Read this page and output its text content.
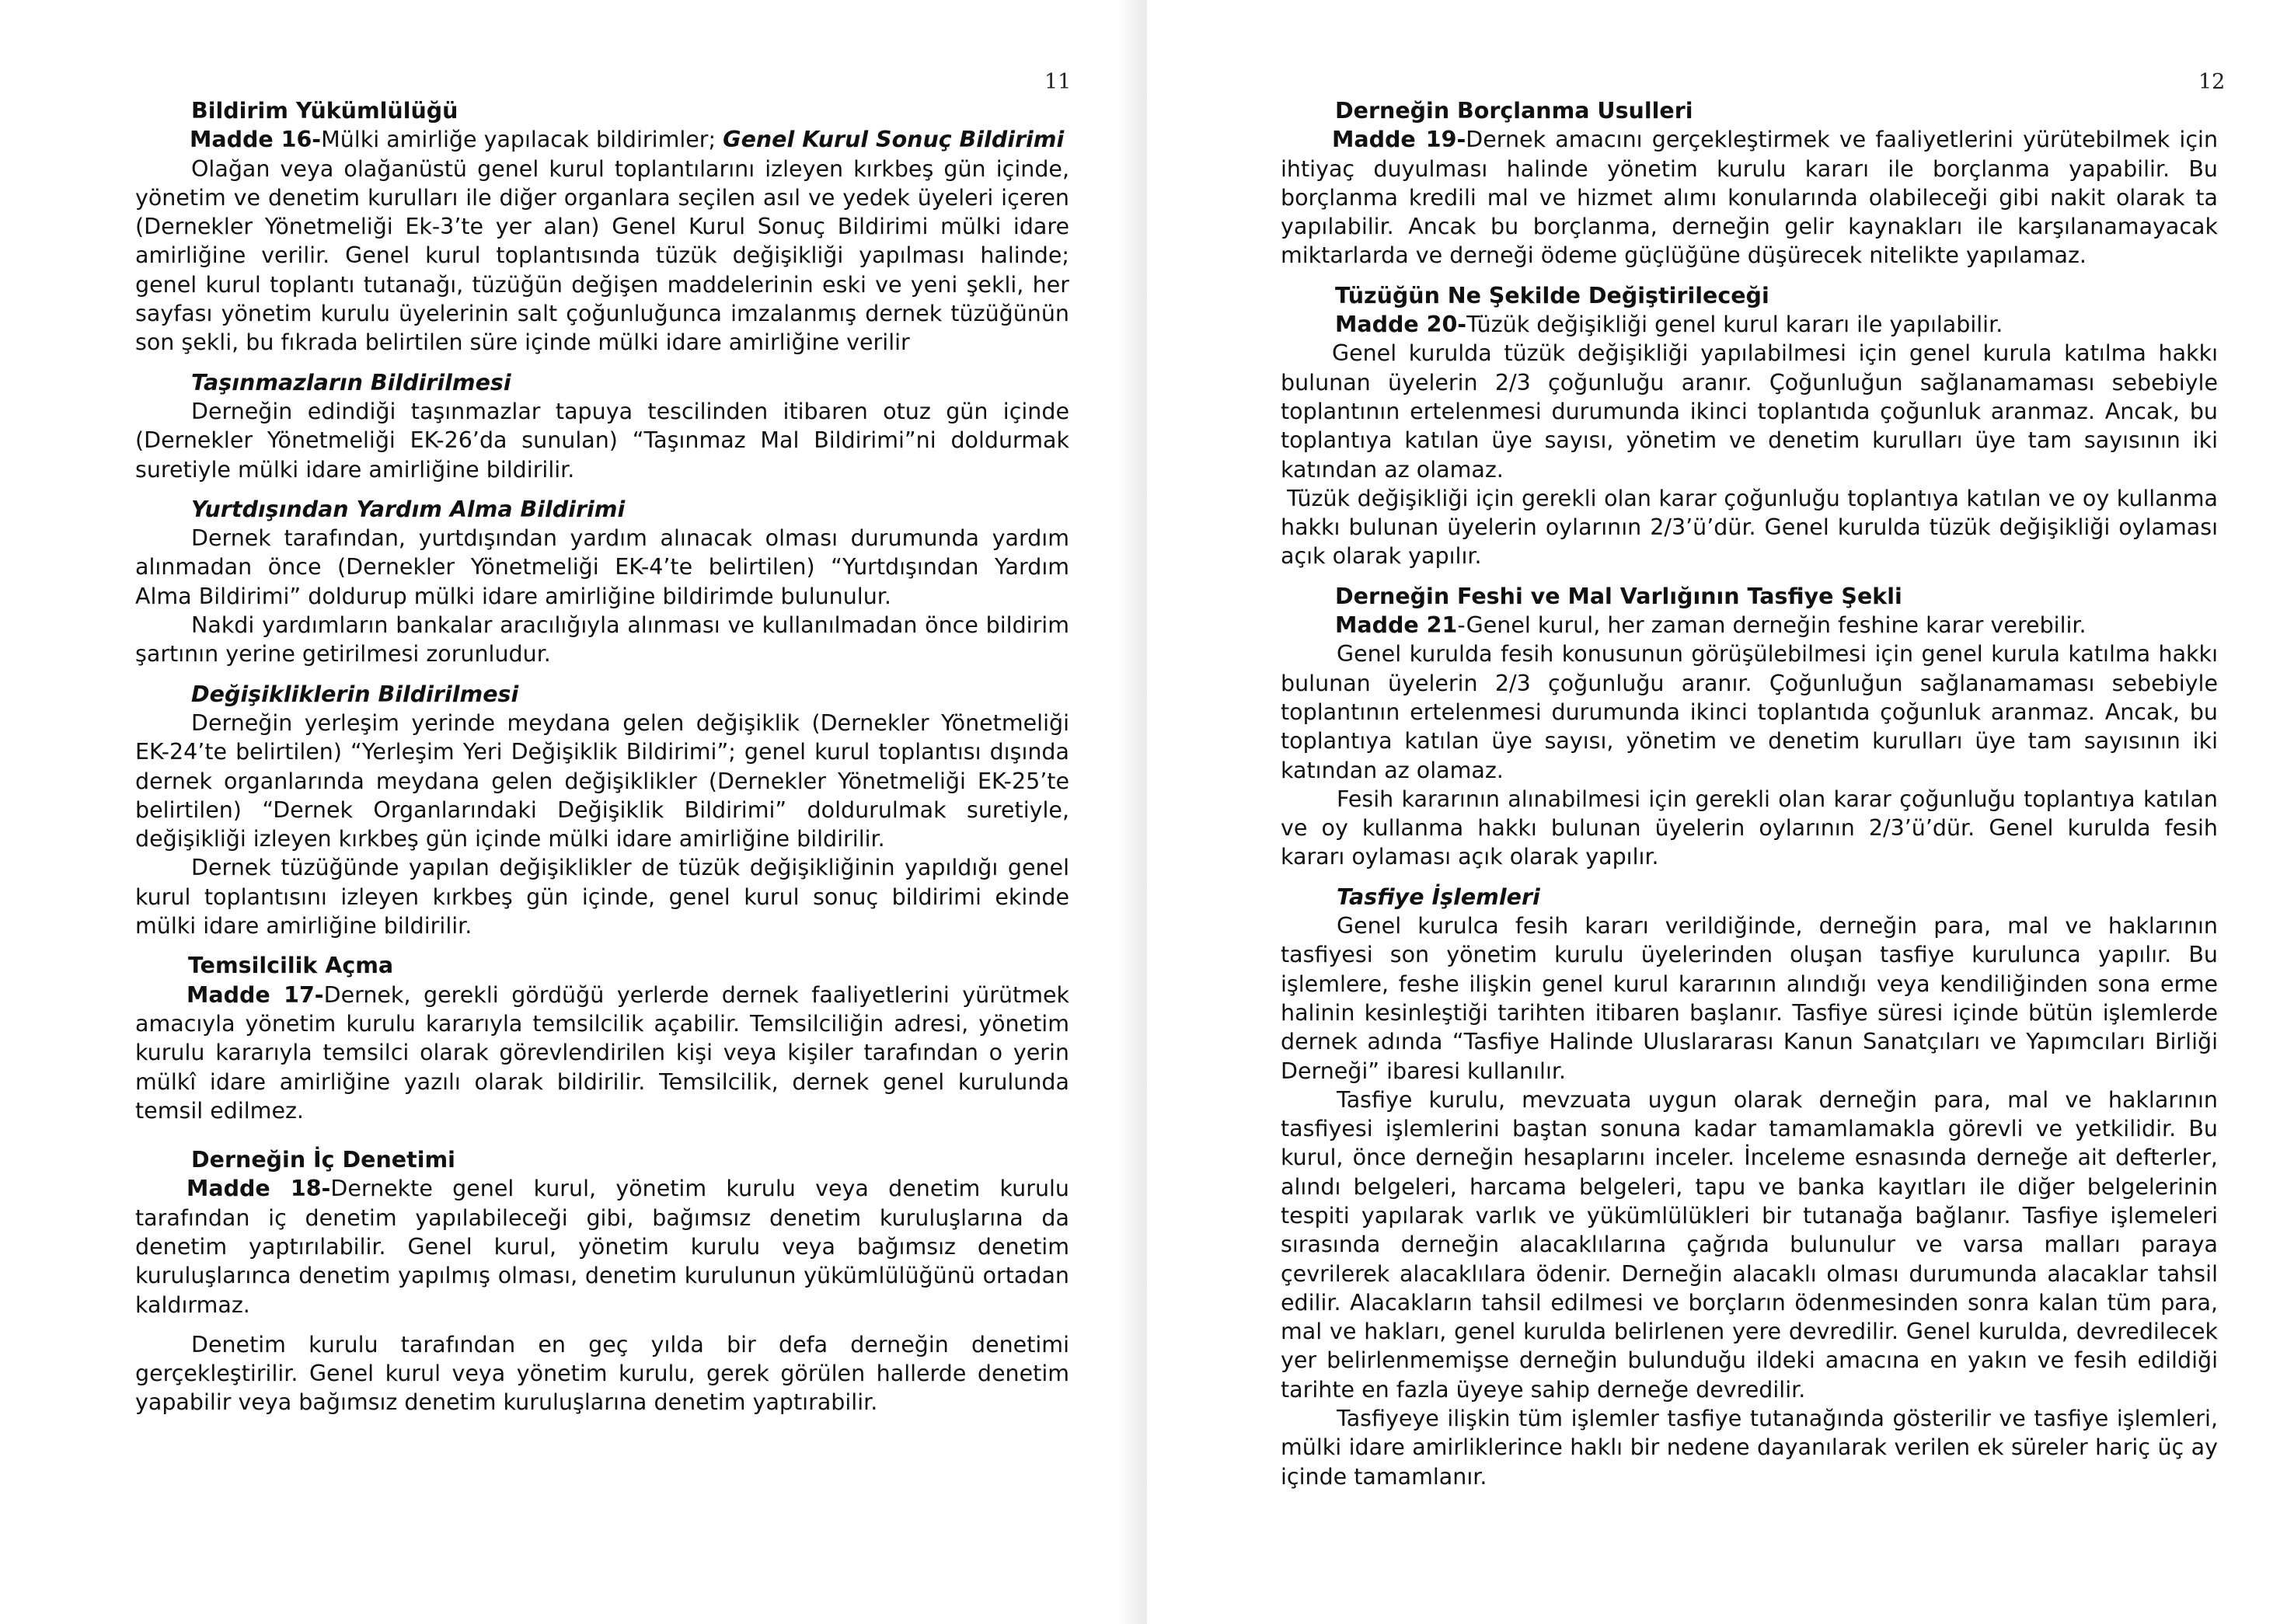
11

Bildirim Yükümlülüğü

Madde 16-Mülki amirliğe yapılacak bildirimler; Genel Kurul Sonuç Bildirimi

Olağan veya olağanüstü genel kurul toplantılarını izleyen kırkbeş gün içinde, yönetim ve denetim kurulları ile diğer organlara seçilen asıl ve yedek üyeleri içeren (Dernekler Yönetmeliği Ek-3’te yer alan) Genel Kurul Sonuç Bildirimi mülki idare amirliğine verilir. Genel kurul toplantısında tüzük değişikliği yapılması halinde; genel kurul toplantı tutanağı, tüzüğün değişen maddelerinin eski ve yeni şekli, her sayfası yönetim kurulu üyelerinin salt çoğunluğunca imzalanmış dernek tüzüğünün son şekli, bu fıkrada belirtilen süre içinde mülki idare amirliğine verilir

Taşınmazların Bildirilmesi

Derneğin edindiği taşınmazlar tapuya tescilinden itibaren otuz gün içinde (Dernekler Yönetmeliği EK-26’da sunulan) “Taşınmaz Mal Bildirimi”ni doldurmak suretiyle mülki idare amirliğine bildirilir.

Yurtdışından Yardım Alma Bildirimi

Dernek tarafından, yurtdışından yardım alınacak olması durumunda yardım alınmadan önce (Dernekler Yönetmeliği EK-4’te belirtilen) “Yurtdışından Yardım Alma Bildirimi” doldurup mülki idare amirliğine bildirimde bulunulur.

Nakdi yardımların bankalar aracılığıyla alınması ve kullanılmadan önce bildirim şartının yerine getirilmesi zorunludur.

Değişikliklerin Bildirilmesi

Derneğin yerleşim yerinde meydana gelen değişiklik (Dernekler Yönetmeliği EK-24’te belirtilen) “Yerleşim Yeri Değişiklik Bildirimi”; genel kurul toplantısı dışında dernek organlarında meydana gelen değişiklikler (Dernekler Yönetmeliği EK-25’te belirtilen) “Dernek Organlarındaki Değişiklik Bildirimi” doldurulmak suretiyle, değişikliği izleyen kırkbeş gün içinde mülki idare amirliğine bildirilir.

Dernek tüzüğünde yapılan değişiklikler de tüzük değişikliğinin yapıldığı genel kurul toplantısını izleyen kırkbeş gün içinde, genel kurul sonuç bildirimi ekinde mülki idare amirliğine bildirilir.

Temsilcilik Açma

Madde 17-Dernek, gerekli gördüğü yerlerde dernek faaliyetlerini yürütmek amacıyla yönetim kurulu kararıyla temsilcilik açabilir. Temsilciliğin adresi, yönetim kurulu kararıyla temsilci olarak görevlendirilen kişi veya kişiler tarafından o yerin mülkî idare amirliğine yazılı olarak bildirilir. Temsilcilik, dernek genel kurulunda temsil edilmez.

Derneğin İç Denetimi

Madde 18-Dernekte genel kurul, yönetim kurulu veya denetim kurulu tarafından iç denetim yapılabileceği gibi, bağımsız denetim kuruluşlarına da denetim yaptırılabilir. Genel kurul, yönetim kurulu veya bağımsız denetim kuruluşlarınca denetim yapılmış olması, denetim kurulunun yükümlülüğünü ortadan kaldırmaz.

Denetim kurulu tarafından en geç yılda bir defa derneğin denetimi gerçekleştirilir. Genel kurul veya yönetim kurulu, gerek görülen hallerde denetim yapabilir veya bağımsız denetim kuruluşlarına denetim yaptırabilir.

12

Derneğin Borçlanma Usulleri

Madde 19-Dernek amacını gerçekleştirmek ve faaliyetlerini yürütebilmek için ihtiyaç duyulması halinde yönetim kurulu kararı ile borçlanma yapabilir. Bu borçlanma kredili mal ve hizmet alımı konularında olabileceği gibi nakit olarak ta yapılabilir. Ancak bu borçlanma, derneğin gelir kaynakları ile karşılanamayacak miktarlarda ve derneği ödeme güçlüğüne düşürecek nitelikte yapılamaz.

Tüzüğün Ne Şekilde Değiştirileceği

Madde 20-Tüzük değişikliği genel kurul kararı ile yapılabilir.

Genel kurulda tüzük değişikliği yapılabilmesi için genel kurula katılma hakkı bulunan üyelerin 2/3 çoğunluğu aranır. Çoğunluğun sağlanamaması sebebiyle toplantının ertelenmesi durumunda ikinci toplantıda çoğunluk aranmaz. Ancak, bu toplantıya katılan üye sayısı, yönetim ve denetim kurulları üye tam sayısının iki katından az olamaz.

Tüzük değişikliği için gerekli olan karar çoğunluğu toplantıya katılan ve oy kullanma hakkı bulunan üyelerin oylarının 2/3’ü’dür. Genel kurulda tüzük değişikliği oylaması açık olarak yapılır.

Derneğin Feshi ve Mal Varlığının Tasfiye Şekli

Madde 21-Genel kurul, her zaman derneğin feshine karar verebilir.

Genel kurulda fesih konusunun görüşülebilmesi için genel kurula katılma hakkı bulunan üyelerin 2/3 çoğunluğu aranır. Çoğunluğun sağlanamaması sebebiyle toplantının ertelenmesi durumunda ikinci toplantıda çoğunluk aranmaz. Ancak, bu toplantıya katılan üye sayısı, yönetim ve denetim kurulları üye tam sayısının iki katından az olamaz.

Fesih kararının alınabilmesi için gerekli olan karar çoğunluğu toplantıya katılan ve oy kullanma hakkı bulunan üyelerin oylarının 2/3’ü’dür. Genel kurulda fesih kararı oylaması açık olarak yapılır.

Tasfiye İşlemleri

Genel kurulca fesih kararı verildiğinde, derneğin para, mal ve haklarının tasfiyesi son yönetim kurulu üyelerinden oluşan tasfiye kurulunca yapılır. Bu işlemlere, feshe ilişkin genel kurul kararının alındığı veya kendiliğinden sona erme halinin kesinleştiği tarihten itibaren başlanır. Tasfiye süresi içinde bütün işlemlerde dernek adında “Tasfiye Halinde Uluslararası Kanun Sanatçıları ve Yapımcıları Birliği Derneği” ibaresi kullanılır.

Tasfiye kurulu, mevzuata uygun olarak derneğin para, mal ve haklarının tasfiyesi işlemlerini baştan sonuna kadar tamamlamakla görevli ve yetkilidir. Bu kurul, önce derneğin hesaplarını inceler. İnceleme esnasında derneğe ait defterler, alındı belgeleri, harcama belgeleri, tapu ve banka kayıtları ile diğer belgelerinin tespiti yapılarak varlık ve yükümlülükleri bir tutanağa bağlanır. Tasfiye işlemeleri sırasında derneğin alacaklılarına çağrıda bulunulur ve varsa malları paraya çevrilerek alacaklılara ödenir. Derneğin alacaklı olması durumunda alacaklar tahsil edilir. Alacakların tahsil edilmesi ve borçların ödenmesinden sonra kalan tüm para, mal ve hakları, genel kurulda belirlenen yere devredilir. Genel kurulda, devredilecek yer belirlenmemişse derneğin bulunduğu ildeki amacına en yakın ve fesih edildiği tarihte en fazla üyeye sahip derneğe devredilir.

Tasfiyeye ilişkin tüm işlemler tasfiye tutanağında gösterilir ve tasfiye işlemleri, mülki idare amirliklerince haklı bir nedene dayanılarak verilen ek süreler hariç üç ay içinde tamamlanır.
